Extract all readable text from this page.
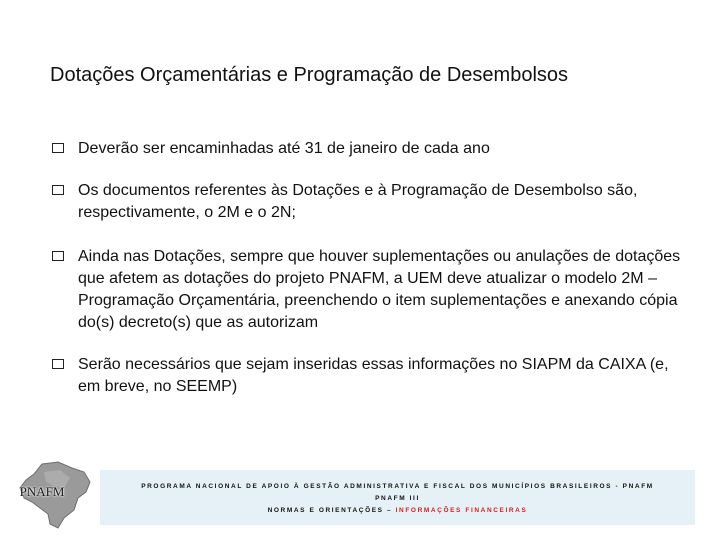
Dotações Orçamentárias e Programação de Desembolsos
Deverão ser encaminhadas até 31 de janeiro de cada ano
Os documentos referentes às Dotações e à Programação de Desembolso são, respectivamente, o 2M e o 2N;
Ainda nas Dotações, sempre que houver suplementações ou anulações de dotações que afetem as dotações do projeto PNAFM, a UEM deve atualizar o modelo 2M – Programação Orçamentária, preenchendo o item suplementações e anexando cópia do(s) decreto(s) que as autorizam
Serão necessários que sejam inseridas essas informações no SIAPM da CAIXA (e, em breve, no SEEMP)
PNAFM	PROGRAMA NACIONAL DE APOIO À GESTÃO ADMINISTRATIVA E FISCAL DOS MUNICÍPIOS BRASILEIROS - PNAFM
PNAFM III
NORMAS E ORIENTAÇÕES – INFORMAÇÕES FINANCEIRAS
